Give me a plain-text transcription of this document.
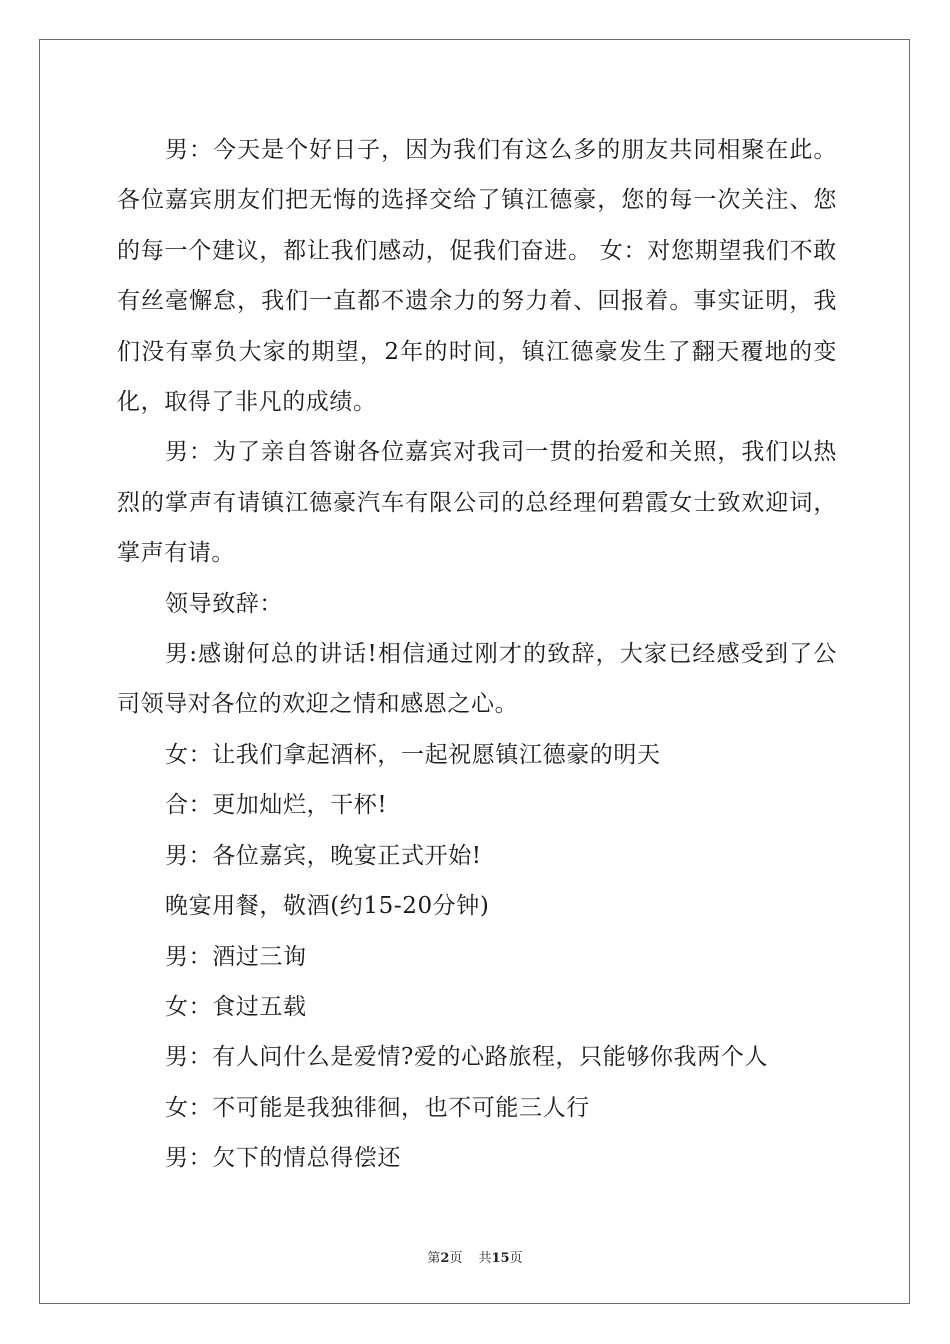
男：今天是个好日子，因为我们有这么多的朋友共同相聚在此。各位嘉宾朋友们把无悔的选择交给了镇江德豪，您的每一次关注、您的每一个建议，都让我们感动，促我们奋进。 女：对您期望我们不敢有丝毫懈怠，我们一直都不遗余力的努力着、回报着。事实证明，我们没有辜负大家的期望，2年的时间，镇江德豪发生了翻天覆地的变化，取得了非凡的成绩。

男：为了亲自答谢各位嘉宾对我司一贯的抬爱和关照，我们以热烈的掌声有请镇江德豪汽车有限公司的总经理何碧霞女士致欢迎词，掌声有请。

领导致辞：

男:感谢何总的讲话!相信通过刚才的致辞，大家已经感受到了公司领导对各位的欢迎之情和感恩之心。

女：让我们拿起酒杯，一起祝愿镇江德豪的明天

合：更加灿烂，干杯!

男：各位嘉宾，晚宴正式开始!

晚宴用餐，敬酒(约15-20分钟)

男：酒过三询

女：食过五载

男：有人问什么是爱情?爱的心路旅程，只能够你我两个人

女：不可能是我独徘徊，也不可能三人行

男：欠下的情总得偿还

第2页 共15页
